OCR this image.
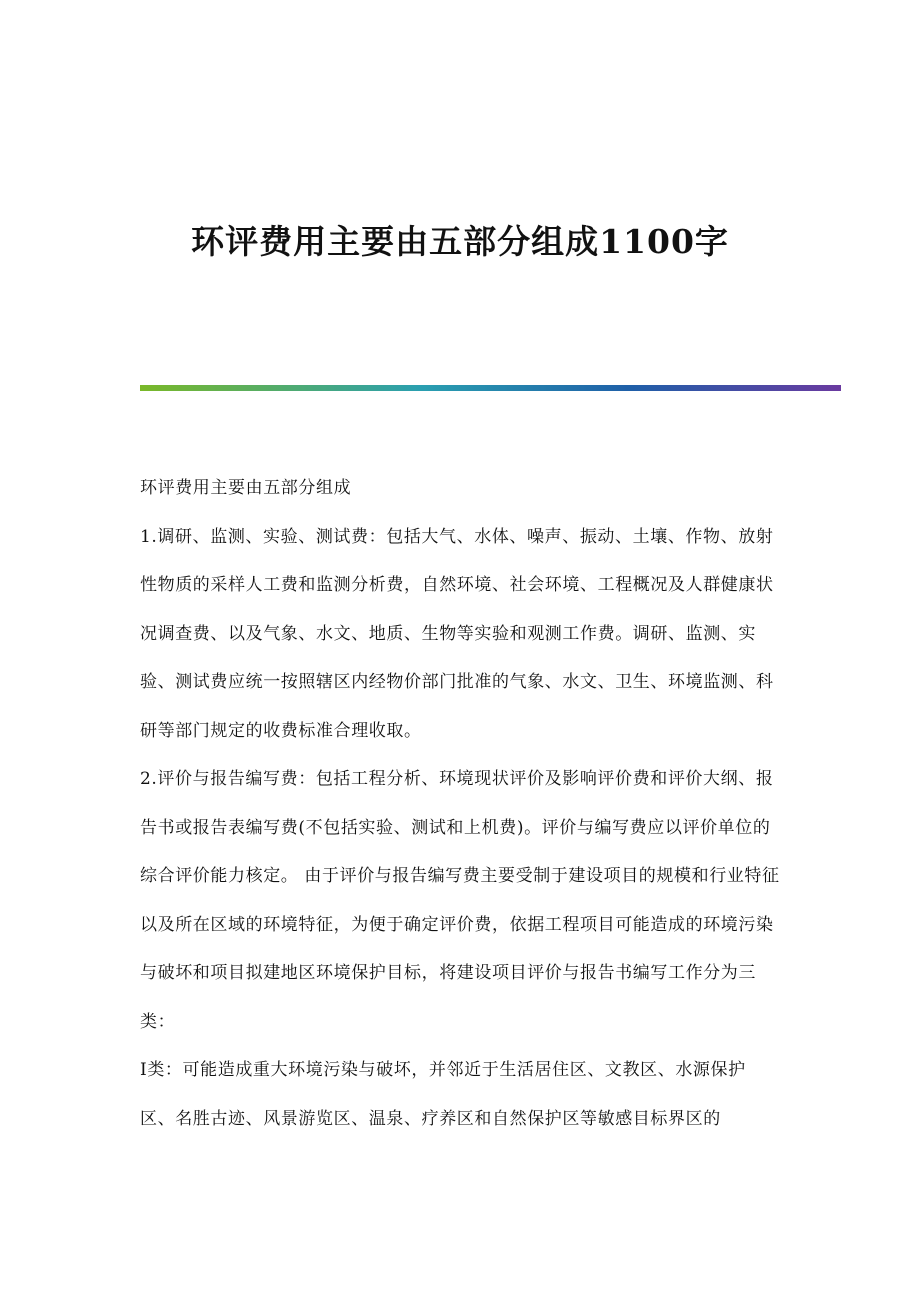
环评费用主要由五部分组成1100字

环评费用主要由五部分组成

1.调研、监测、实验、测试费：包括大气、水体、噪声、振动、土壤、作物、放射性物质的采样人工费和监测分析费，自然环境、社会环境、工程概况及人群健康状况调查费、以及气象、水文、地质、生物等实验和观测工作费。调研、监测、实验、测试费应统一按照辖区内经物价部门批准的气象、水文、卫生、环境监测、科研等部门规定的收费标准合理收取。

2.评价与报告编写费：包括工程分析、环境现状评价及影响评价费和评价大纲、报告书或报告表编写费(不包括实验、测试和上机费)。评价与编写费应以评价单位的综合评价能力核定。 由于评价与报告编写费主要受制于建设项目的规模和行业特征以及所在区域的环境特征，为便于确定评价费，依据工程项目可能造成的环境污染与破坏和项目拟建地区环境保护目标，将建设项目评价与报告书编写工作分为三类：

Ⅰ类：可能造成重大环境污染与破坏，并邻近于生活居住区、文教区、水源保护区、名胜古迹、风景游览区、温泉、疗养区和自然保护区等敏感目标界区的
